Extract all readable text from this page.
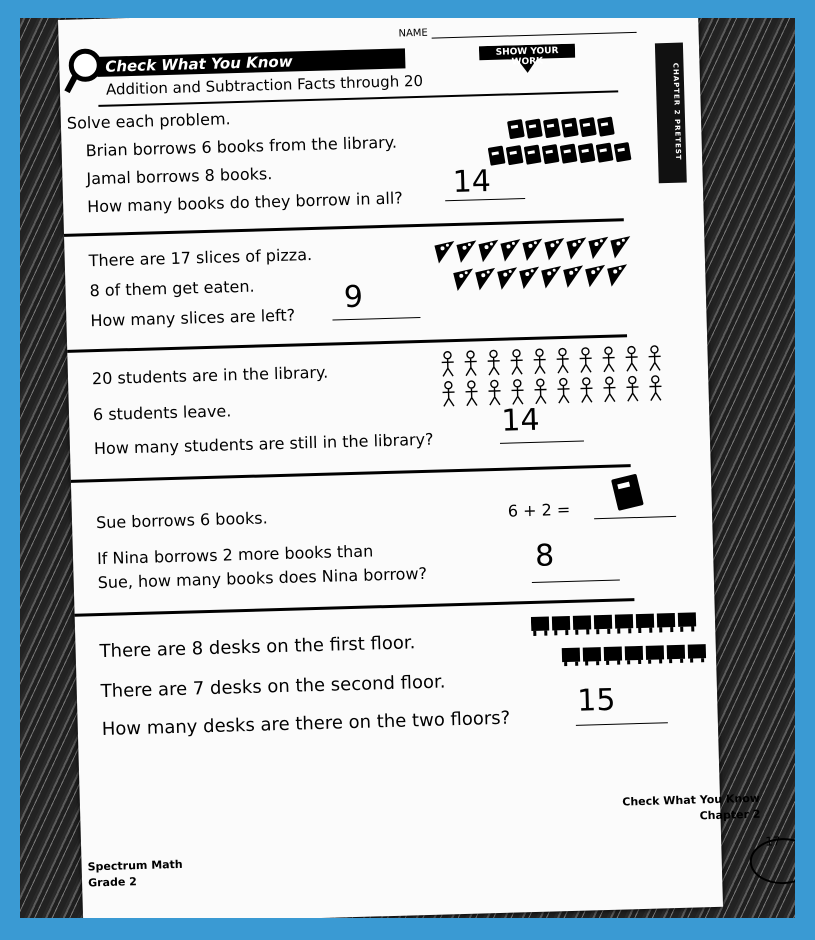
CHAPTER 2 PRETEST
NAME
Check What You Know
SHOW YOUR WORK
Addition and Subtraction Facts through 20
Solve each problem.
Brian borrows 6 books from the library.
Jamal borrows 8 books.
How many books do they borrow in all?
14
There are 17 slices of pizza.
8 of them get eaten.
How many slices are left?
9
20 students are in the library.
6 students leave.
How many students are still in the library?
14
Sue borrows 6 books.
If Nina borrows 2 more books than
Sue, how many books does Nina borrow?
6 + 2 =
8
There are 8 desks on the first floor.
There are 7 desks on the second floor.
How many desks are there on the two floors?
15
Spectrum Math
Grade 2
Check What You Know
Chapter 2
17
